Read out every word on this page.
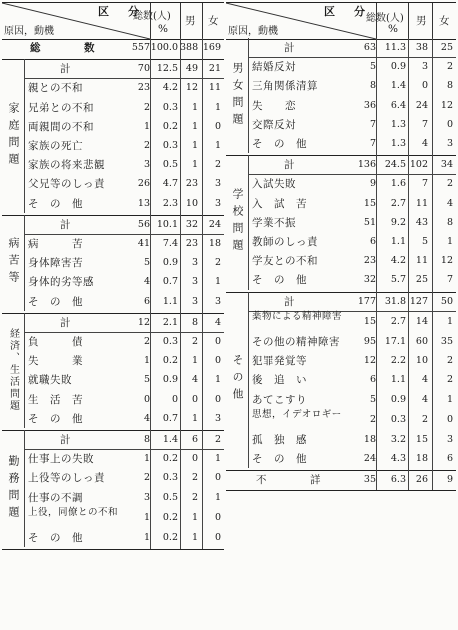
区　分
原因，動機
総数(人)
%
男 女
総　　　数	557 100.0 388 169
計	70 12.5 49	21
親との不和	23	4.2 12	11
兄弟との不和	2	0.3	1	1
両親間の不和	1	0.2	1	0
家族の死亡	2	0.3	1	1
家族の将来悲観	3	0.5	1	2
父兄等のしっ責	26	4.7 23	3
そ　の　他	13	2.3 10	3
家庭問題
計	56 10.1 32	24
病　　　苦	41	7.4 23	18
身体障害苦	5	0.9	3	2
身体的劣等感	4	0.7	3	1
そ　の　他	6	1.1	3	3
病苦等
計	12	2.1	8	4
負　　　債	2	0.3	2	0
失　　　業	1	0.2	1	0
就職失敗	5	0.9	4	1
生　活　苦	0	0	0	0
そ　の　他	4	0.7	1	3
経済、生活問題
計	8	1.4	6	2
仕事上の失敗	1	0.2	0	1
上役等のしっ責	2	0.3	2	0
仕事の不調	3	0.5	2	1
上役，同僚との不和	1	0.2	1	0
そ　の　他	1	0.2	1	0
勤務問題
区　分
原因，動機
総数(人)
%
男 女
計	63 11.3	38	25
結婚反対	5	0.9	3	2
三角関係清算	8	1.4	0	8
失　　恋	36	6.4	24	12
交際反対	7	1.3	7	0
そ　の　他	7	1.3	4	3
男女問題
計	136 24.5 102	34
入試失敗	9	1.6	7	2
入　試　苦	15	2.7	11	4
学業不振	51	9.2	43	8
教師のしっ責	6	1.1	5	1
学友との不和	23	4.2	11	12
そ　の　他	32	5.7	25	7
学校問題
計	177 31.8 127	50
薬物による精神障害	15	2.7	14	1
その他の精神障害	95 17.1	60	35
犯罪発覚等	12	2.2	10	2
後　追　い	6	1.1	4	2
あてこすり	5	0.9	4	1
思想，イデオロギー	2	0.3	2	0
孤　独　感	18	3.2	15	3
そ　の　他	24	4.3	18	6
その他
不　　　詳	35	6.3	26	9
